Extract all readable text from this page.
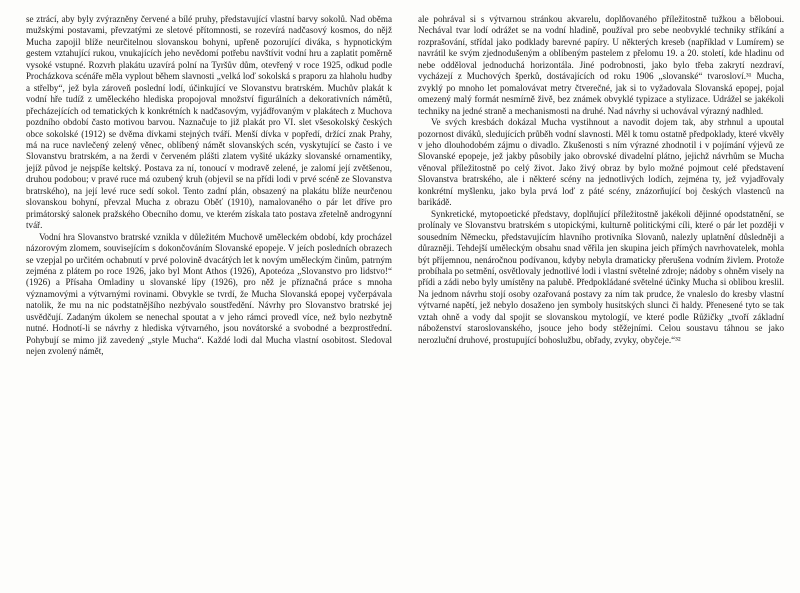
se ztrácí, aby byly zvýrazněny červené a bílé pruhy, představující vlastní barvy sokolů. Nad oběma mužskými postavami, převzatými ze sletové přítomnosti, se rozevírá nadčasový kosmos, do nějž Mucha zapojil blíže neurčitelnou slovanskou bohyni, upřeně pozorující diváka, s hypnotickým gestem vztahující rukou, vnukajících jeho nevědomí potřebu navštívit vodní hru a zaplatit poměrně vysoké vstupné. Rozvrh plakátu uzavírá polní na Tyršův dům, otevřený v roce 1925, odkud podle Procházkova scénáře měla vyplout během slavnosti „velká loď sokolská s praporu za hlaholu hudby a střelby“, jež byla zároveň poslední lodí, účinkující ve Slovanstvu bratrském. Muchův plakát k vodní hře tudíž z uměleckého hlediska propojoval množství figurálních a dekorativních námětů, přecházejících od tematických k konkrétních k nadčasovým, vyjádřovaným v plakátech z Muchova pozdního období často motivou barvou. Naznačuje to již plakát pro VI. slet všesokolský českých obce sokolské (1912) se dvěma dívkami stejných tváří. Menší dívka v popředí, držící znak Prahy, má na ruce navlečený zelený věnec, oblíbený námět slovanských scén, vyskytující se často i ve Slovanstvu bratrském, a na žerdi v červeném plášti zlatem vyšité ukázky slovanské ornamentiky, jejíž původ je nejspíše keltský. Postava za ní, tonoucí v modravě zelené, je zalomí její zvětšenou, druhou podobou; v pravé ruce má ozubený kruh (objevil se na přídi lodi v prvé scéně ze Slovanstva bratrského), na její levé ruce sedí sokol. Tento zadní plán, obsazený na plakátu blíže neurčenou slovanskou bohyní, převzal Mucha z obrazu Oběť (1910), namalovaného o pár let dříve pro primátorský salonek pražského Obecního domu, ve kterém získala tato postava zřetelně androgynní tvář.

Vodní hra Slovanstvo bratrské vznikla v důležitém Muchově uměleckém období, kdy procházel názorovým zlomem, souvisejícím s dokončováním Slovanské epopeje. V jeích posledních obrazech se vzepjal po určitém ochabnutí v prvé polovině dvacátých let k novým uměleckým činům, patrným zejména z plátem po roce 1926, jako byl Mont Athos (1926), Apoteóza „Slovanstvo pro lidstvo!“ (1926) a Přísaha Omladiny u slovanské lípy (1926), pro něž je příznačná práce s mnoha významovými a výtvarnými rovinami. Obvykle se tvrdí, že Mucha Slovanská epopej vyčerpávala natolik, že mu na nic podstatnějšího nezbývalo soustředění. Návrhy pro Slovanstvo bratrské jej usvědčují. Zadaným úkolem se nenechal spoutat a v jeho rámci provedl více, než bylo nezbytně nutné. Hodnotí-li se návrhy z hlediska výtvarného, jsou novátorské a svobodné a bezprostřední. Pohybují se mimo již zavedený „style Mucha“. Každé lodi dal Mucha vlastní osobitost. Sledoval nejen zvolený námět,

ale pohrával si s výtvarnou stránkou akvarelu, doplňovaného příležitostně tužkou a běloboui. Nechával tvar lodí odrážet se na vodní hladině, používal pro sebe neobvyklé techniky stříkání a rozprašování, střídal jako podklady barevné papíry. U některých kreseb (například v Lumírem) se navrátil ke svým zjednodušeným a oblíbeným pastelem z přelomu 19. a 20. století, kde hladinu od nebe odděloval jednoduchá horizontála. Jiné podrobnosti, jako bylo třeba zakrytí nezdraví, vycházejí z Muchových šperků, dostávajících od roku 1906 „slovanské“ tvarosloví.³¹ Mucha, zvyklý po mnoho let pomalovávat metry čtverečné, jak si to vyžadovala Slovanská epopej, pojal omezený malý formát nesmírně živě, bez známek obvyklé typizace a stylizace. Udrážel se jakékoli techniky na jedné straně a mechanismosti na druhé. Nad návrhy si uchovával výrazný nadhled.

Ve svých kresbách dokázal Mucha vystihnout a navodit dojem tak, aby strhnul a upoutal pozornost diváků, sledujících průběh vodní slavnosti. Měl k tomu ostatně předpoklady, které vkvěly v jeho dlouhodobém zájmu o divadlo. Zkušenosti s ním výrazné zhodnotil i v pojímání výjevů ze Slovanské epopeje, jež jakby působily jako obrovské divadelní plátno, jejichž návrhům se Mucha věnoval příležitostně po celý život. Jako živý obraz by bylo možné pojmout celé představení Slovanstva bratrského, ale i některé scény na jednotlivých lodích, zejména ty, jež vyjadřovaly konkrétní myšlenku, jako byla prvá loď z páté scény, znázorňující boj českých vlastenců na barikádě.

Synkretické, mytopoetické představy, doplňující příležitostně jakékoli dějinné opodstatnění, se prolínaly ve Slovanstvu bratrském s utopickými, kulturně politickými cíli, které o pár let později v sousedním Německu, představujícím hlavního protivníka Slovanů, nalezly uplatnění důsledněji a důrazněji. Tehdejší uměleckým obsahu snad věřila jen skupina jeich přímých navrhovatelek, mohla být příjemnou, nenáročnou podívanou, kdyby nebyla dramaticky přerušena vodním živlem. Protože probíhala po setmění, osvětlovaly jednotlivé lodi i vlastní světelné zdroje; nádoby s ohněm visely na přídi a zádi nebo byly umístěny na palubě. Předpokládané světelné účinky Mucha si oblibou kreslil. Na jednom návrhu stojí osoby ozařovaná postavy za ním tak prudce, že vnaleslo do kresby vlastní výtvarné napětí, jež nebylo dosaženo jen symboly husitských slunci či haldy. Přenesené tyto se tak vztah ohně a vody dal spojit se slovanskou mytologií, ve které podle Růžičky „tvoří základní náboženství staroslovanského, jsouce jeho body stěžejními. Celou soustavu táhnou se jako nerozluční druhové, prostupující bohoslužbu, obřady, zvyky, obyčeje.“³²
